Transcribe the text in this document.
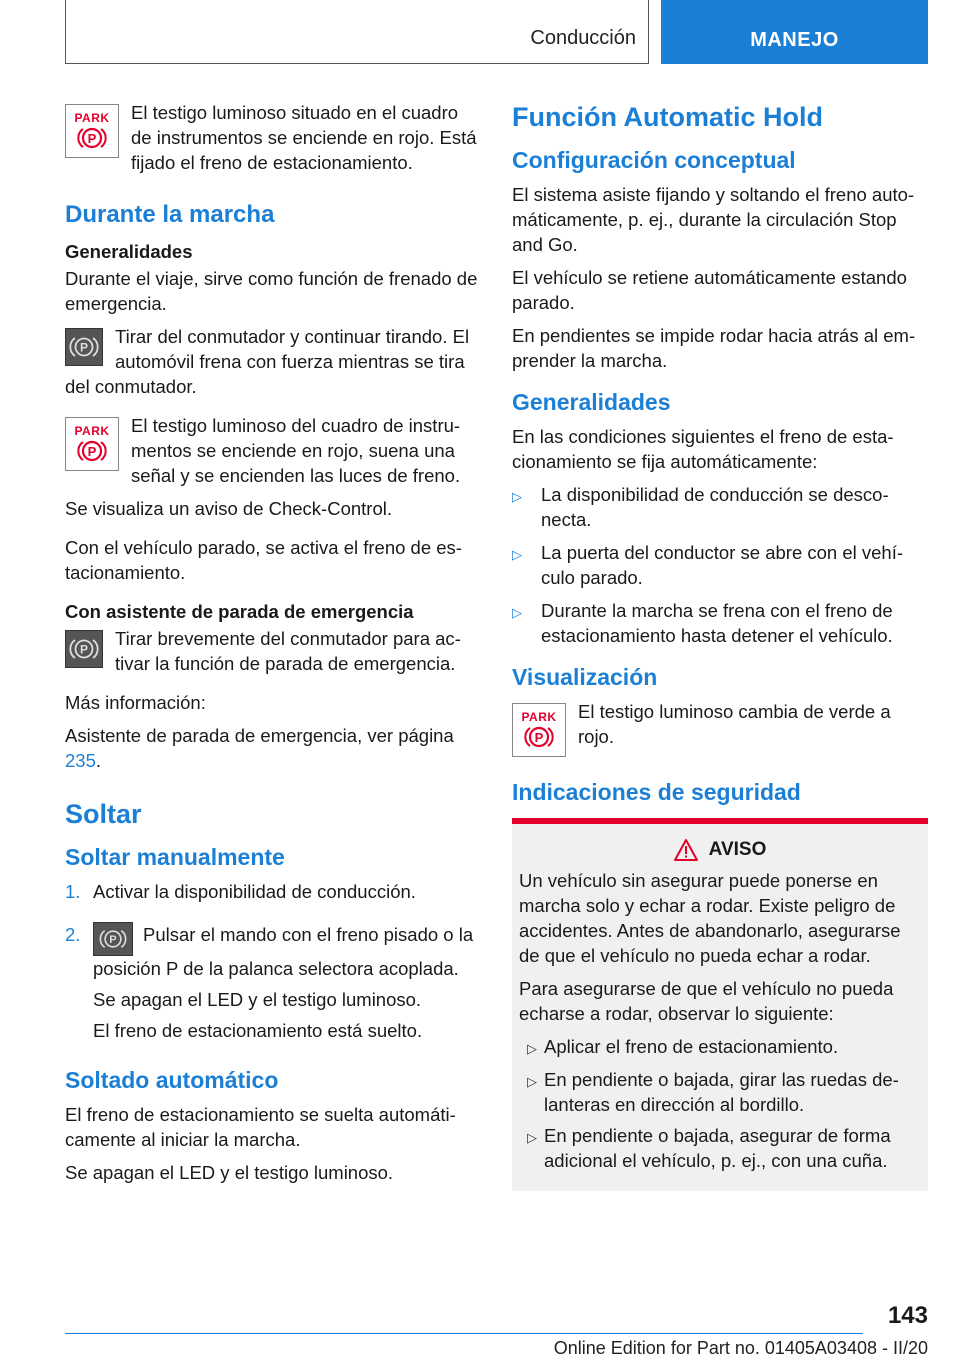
Conducción	MANEJO
PARK
P

El testigo luminoso situado en el cuadro de instrumentos se enciende en rojo. Está fijado el freno de estacionamiento.

Durante la marcha
Generalidades

Durante el viaje, sirve como función de frenado de emergencia.

P

Tirar del conmutador y continuar tirando. El automóvil frena con fuerza mientras se tira del conmutador.

PARK
P

El testigo luminoso del cuadro de instrumentos se enciende en rojo, suena una señal y se encienden las luces de freno.

Se visualiza un aviso de Check-Control.

Con el vehículo parado, se activa el freno de estacionamiento.

Con asistente de parada de emergencia
P

Tirar brevemente del conmutador para activar la función de parada de emergencia.

Más información:

Asistente de parada de emergencia, ver página 235.

Soltar
Soltar manualmente
1. Activar la disponibilidad de conducción.

2.	P Pulsar el mando con el freno pisado o la posición P de la palanca selectora acoplada.

Se apagan el LED y el testigo luminoso.

El freno de estacionamiento está suelto.

Soltado automático

El freno de estacionamiento se suelta automáticamente al iniciar la marcha.

Se apagan el LED y el testigo luminoso.

Función Automatic Hold
Configuración conceptual

El sistema asiste fijando y soltando el freno automáticamente, p. ej., durante la circulación Stop and Go.

El vehículo se retiene automáticamente estando parado.

En pendientes se impide rodar hacia atrás al emprender la marcha.

Generalidades

En las condiciones siguientes el freno de estacionamiento se fija automáticamente:

▷	La disponibilidad de conducción se desconecta.
▷	La puerta del conductor se abre con el vehículo parado.
▷	Durante la marcha se frena con el freno de estacionamiento hasta detener el vehículo.
Visualización
PARK
P

El testigo luminoso cambia de verde a rojo.

Indicaciones de seguridad
AVISO

Un vehículo sin asegurar puede ponerse en marcha solo y echar a rodar. Existe peligro de accidentes. Antes de abandonarlo, asegurarse de que el vehículo no pueda echar a rodar.

Para asegurarse de que el vehículo no pueda echarse a rodar, observar lo siguiente:

▷ Aplicar el freno de estacionamiento.
▷ En pendiente o bajada, girar las ruedas delanteras en dirección al bordillo.
▷ En pendiente o bajada, asegurar de forma adicional el vehículo, p. ej., con una cuña.
143
Online Edition for Part no. 01405A03408 - II/20
